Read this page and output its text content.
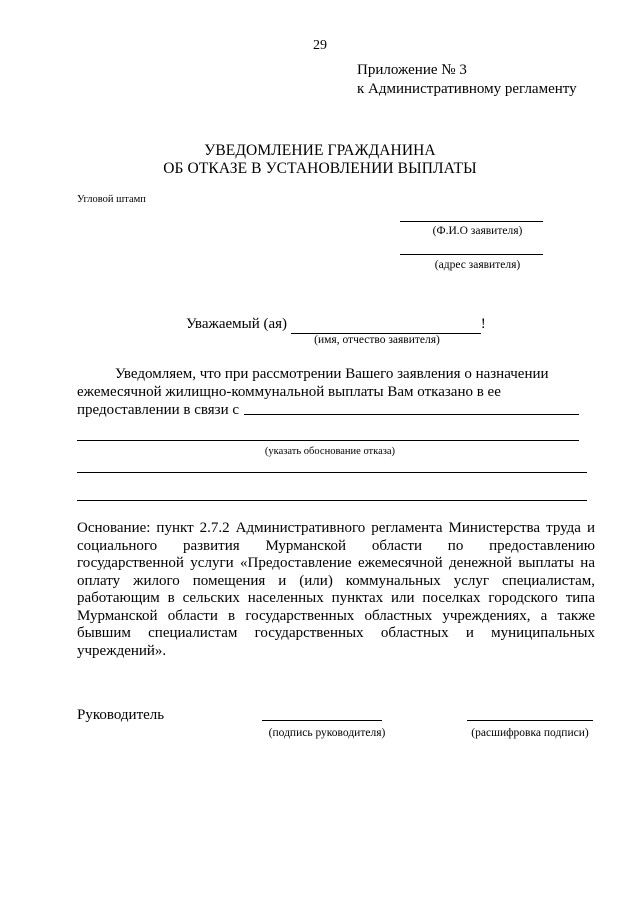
29
Приложение № 3
к Административному регламенту
УВЕДОМЛЕНИЕ ГРАЖДАНИНА
ОБ ОТКАЗЕ В УСТАНОВЛЕНИИ ВЫПЛАТЫ
Угловой штамп
(Ф.И.О заявителя)
(адрес заявителя)
Уважаемый (ая)	!
(имя, отчество заявителя)
Уведомляем, что при рассмотрении Вашего заявления о назначении
ежемесячной жилищно-коммунальной выплаты Вам отказано в ее
предоставлении в связи с
(указать обоснование отказа)
Основание: пункт 2.7.2 Административного регламента Министерства труда и социального развития Мурманской области по предоставлению государственной услуги «Предоставление ежемесячной денежной выплаты на оплату жилого помещения и (или) коммунальных услуг специалистам, работающим в сельских населенных пунктах или поселках городского типа Мурманской области в государственных областных учреждениях, а также бывшим специалистам государственных областных и муниципальных учреждений».
Руководитель
(подпись руководителя)	(расшифровка подписи)
